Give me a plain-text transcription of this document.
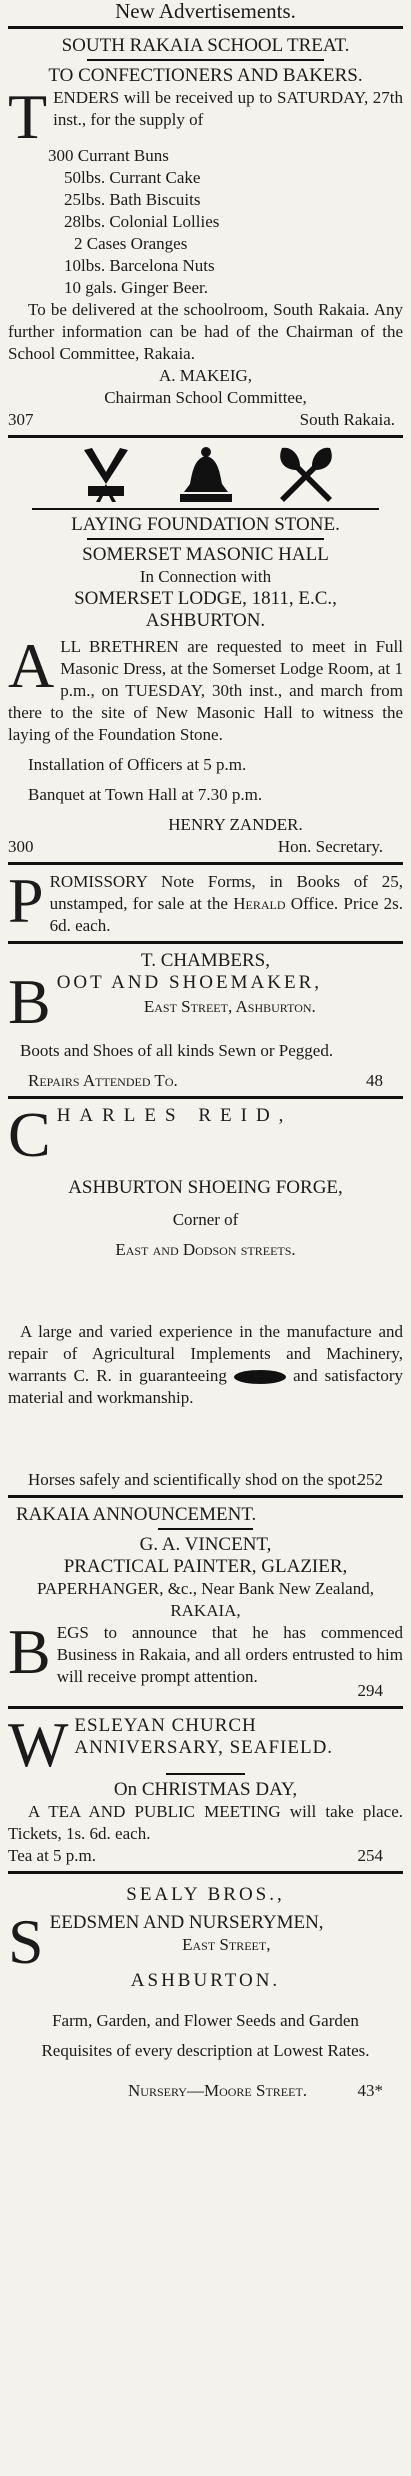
New Advertisements.
SOUTH RAKAIA SCHOOL TREAT.
TO CONFECTIONERS AND BAKERS.
T ENDERS will be received up to SATURDAY, 27th inst., for the supply of
300 Currant Buns
50lbs. Currant Cake
25lbs. Bath Biscuits
28lbs. Colonial Lollies
2 Cases Oranges
10lbs. Barcelona Nuts
10 gals. Ginger Beer.
To be delivered at the schoolroom, South Rakaia. Any further information can be had of the Chairman of the School Committee, Rakaia.
A. MAKEIG,
Chairman School Committee,
307	South Rakaia.
LAYING FOUNDATION STONE.
SOMERSET MASONIC HALL
In Connection with
SOMERSET LODGE, 1811, E.C.,
ASHBURTON.
A LL BRETHREN are requested to meet in Full Masonic Dress, at the Somerset Lodge Room, at 1 p.m., on TUESDAY, 30th inst., and march from there to the site of New Masonic Hall to witness the laying of the Foundation Stone.
Installation of Officers at 5 p.m.
Banquet at Town Hall at 7.30 p.m.
HENRY ZANDER.
300	Hon. Secretary.
P ROMISSORY Note Forms, in Books of 25, unstamped, for sale at the Herald Office. Price 2s. 6d. each.
T. CHAMBERS,
B OOT AND SHOEMAKER,
East Street, Ashburton.
Boots and Shoes of all kinds Sewn or Pegged.
Repairs Attended To.	48
C HARLES REID,
ASHBURTON SHOEING FORGE,
Corner of
East and Dodson streets.
A large and varied experience in the manufacture and repair of Agricultural Implements and Machinery, warrants C. R. in guaranteeing	and satisfactory material and workmanship.
Horses safely and scientifically shod on the spot.
252
RAKAIA ANNOUNCEMENT.
G. A. VINCENT,
PRACTICAL PAINTER, GLAZIER,
PAPERHANGER, &c., Near Bank New Zealand, RAKAIA,
B EGS to announce that he has commenced Business in Rakaia, and all orders entrusted to him will receive prompt attention.
294
W ESLEYAN CHURCH ANNIVERSARY, SEAFIELD.
On CHRISTMAS DAY,
A TEA AND PUBLIC MEETING will take place. Tickets, 1s. 6d. each.
Tea at 5 p.m.	254
SEALY BROS.,
S EEDSMEN AND NURSERYMEN,
East Street,
ASHBURTON.
Farm, Garden, and Flower Seeds and Garden Requisites of every description at Lowest Rates.
Nursery—Moore Street.	43*
